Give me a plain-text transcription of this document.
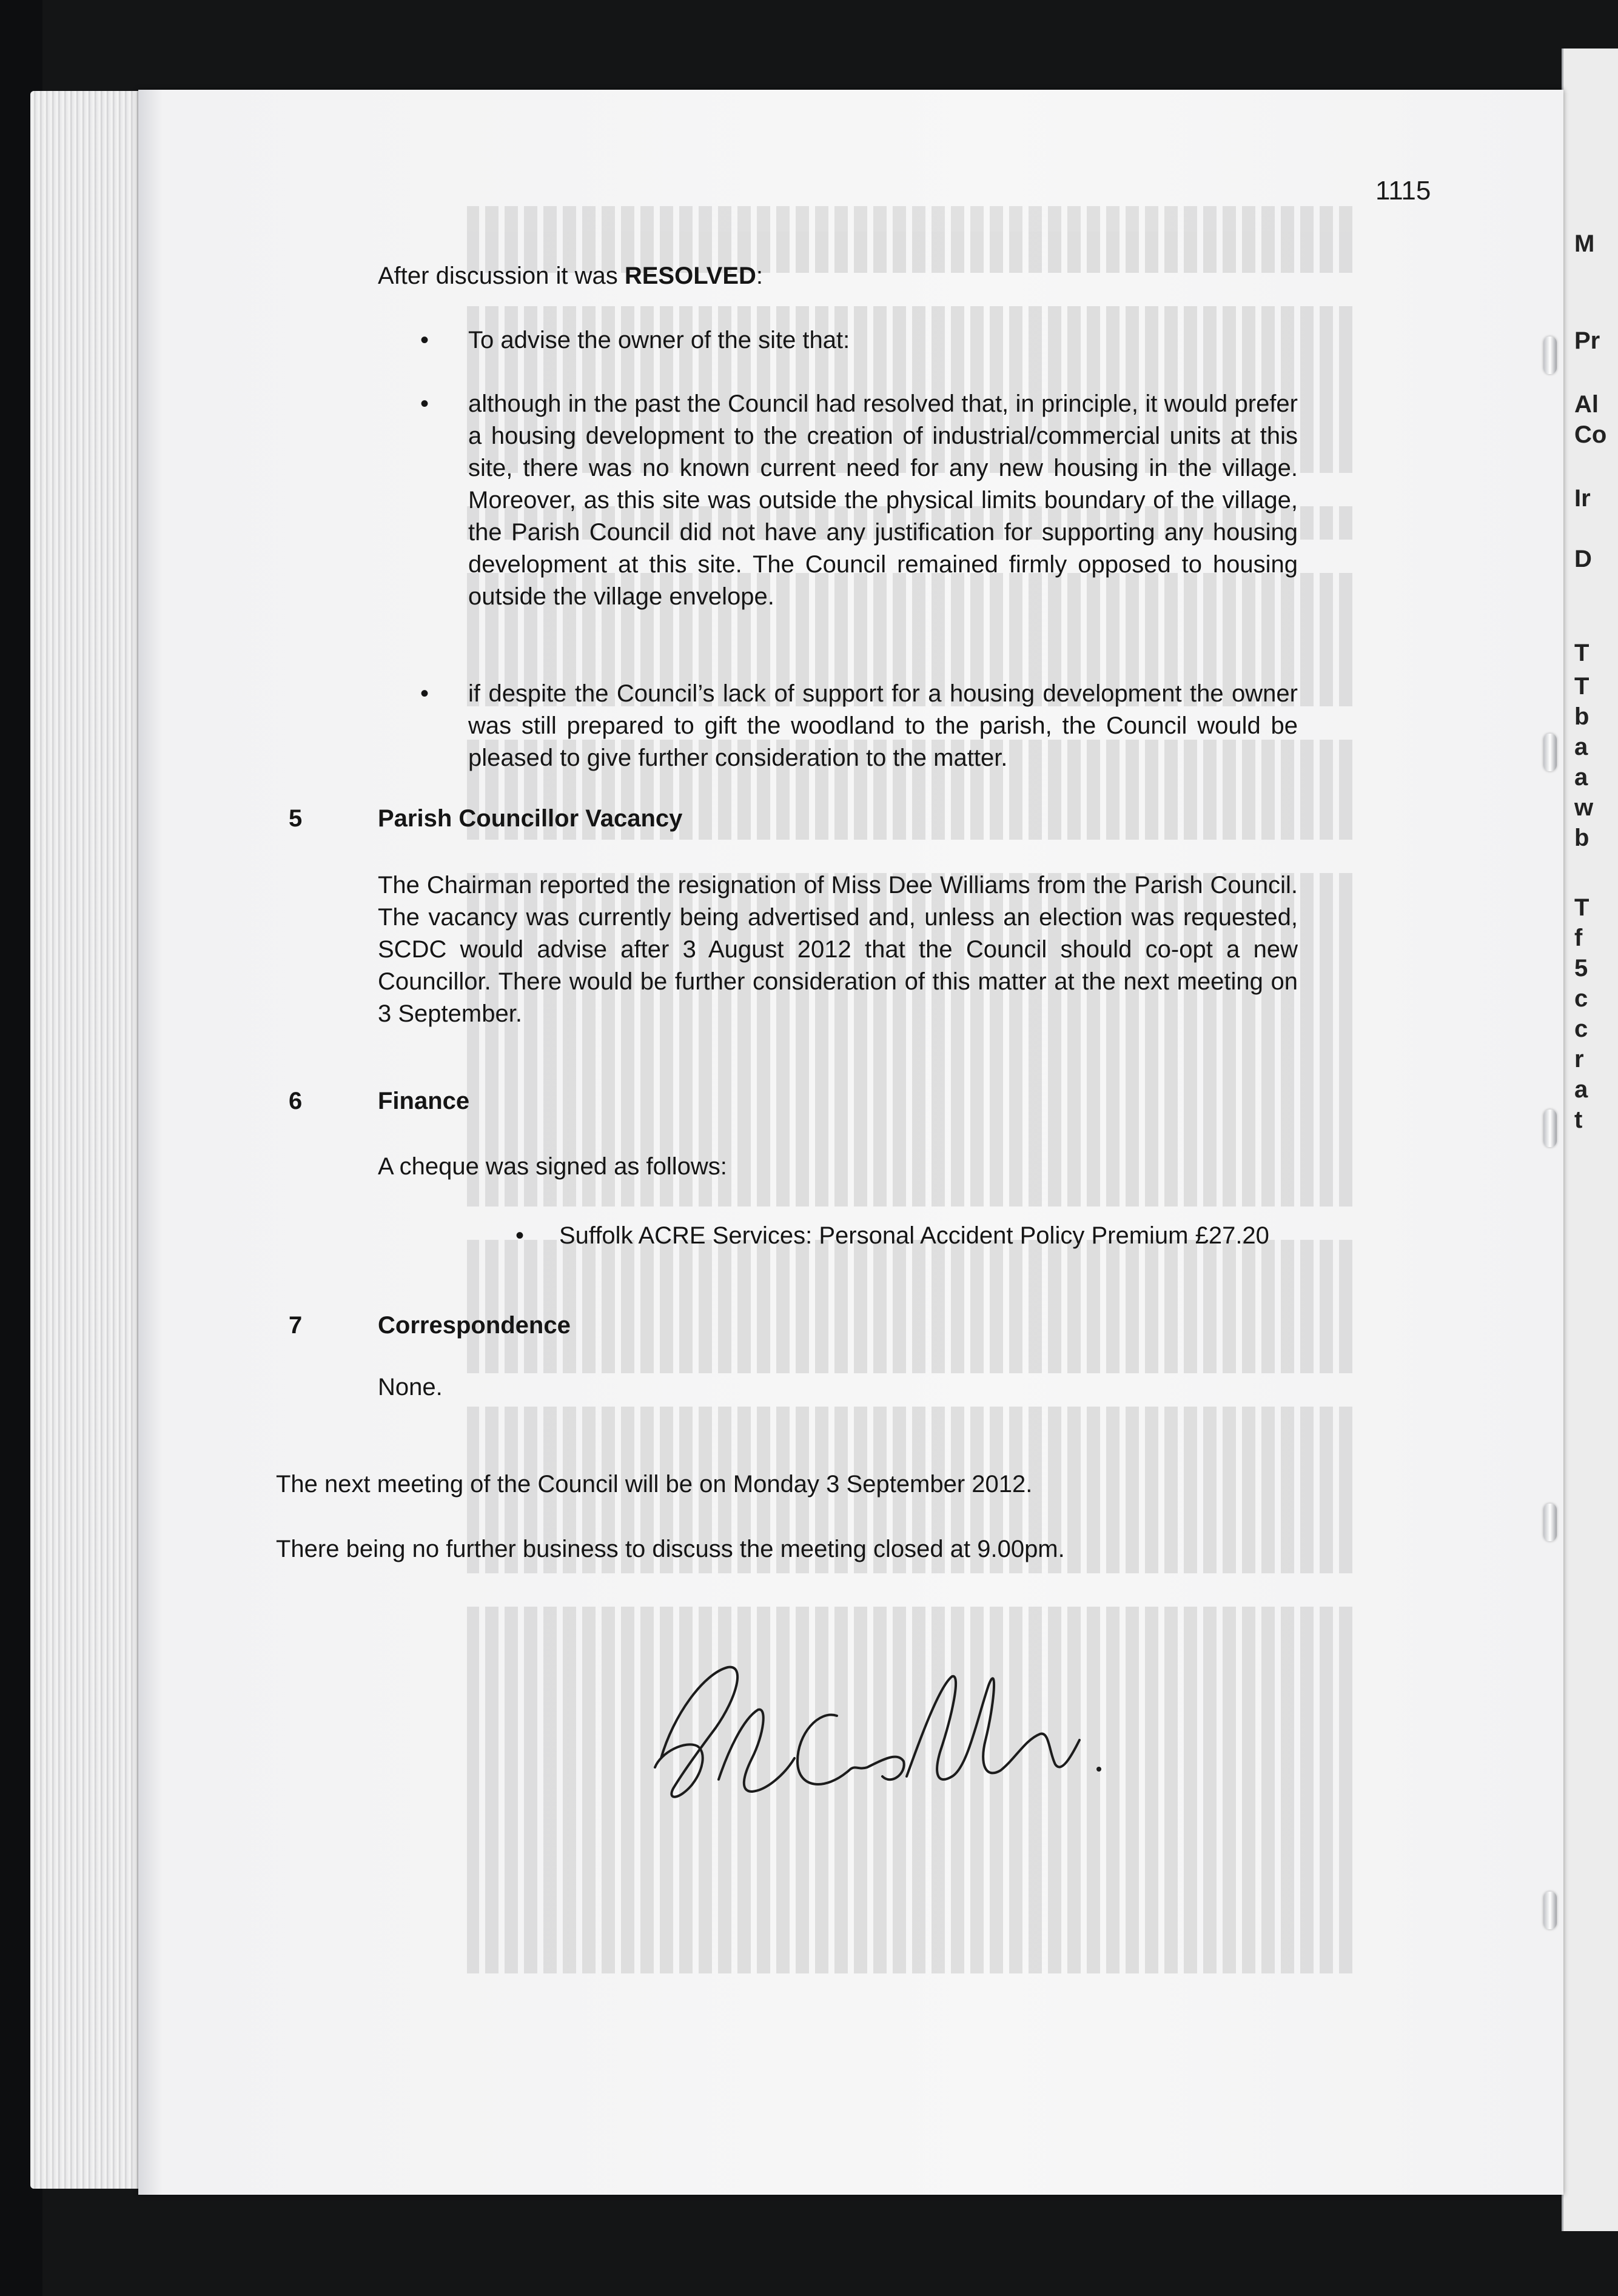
M
Pr
Al
Co
Ir
D
T
T
b
a
a
w
b
T
f
5
c
c
r
a
t
1115
After discussion it was RESOLVED:
• To advise the owner of the site that:
• although in the past the Council had resolved that, in principle, it would prefer a housing development to the creation of industrial/commercial units at this site, there was no known current need for any new housing in the village. Moreover, as this site was outside the physical limits boundary of the village, the Parish Council did not have any justification for supporting any housing development at this site. The Council remained firmly opposed to housing outside the village envelope.
• if despite the Council’s lack of support for a housing development the owner was still prepared to gift the woodland to the parish, the Council would be pleased to give further consideration to the matter.
5	Parish Councillor Vacancy
The Chairman reported the resignation of Miss Dee Williams from the Parish Council. The vacancy was currently being advertised and, unless an election was requested, SCDC would advise after 3 August 2012 that the Council should co-opt a new Councillor. There would be further consideration of this matter at the next meeting on 3 September.
6	Finance
A cheque was signed as follows:
• Suffolk ACRE Services: Personal Accident Policy Premium £27.20
7	Correspondence
None.
The next meeting of the Council will be on Monday 3 September 2012.
There being no further business to discuss the meeting closed at 9.00pm.
